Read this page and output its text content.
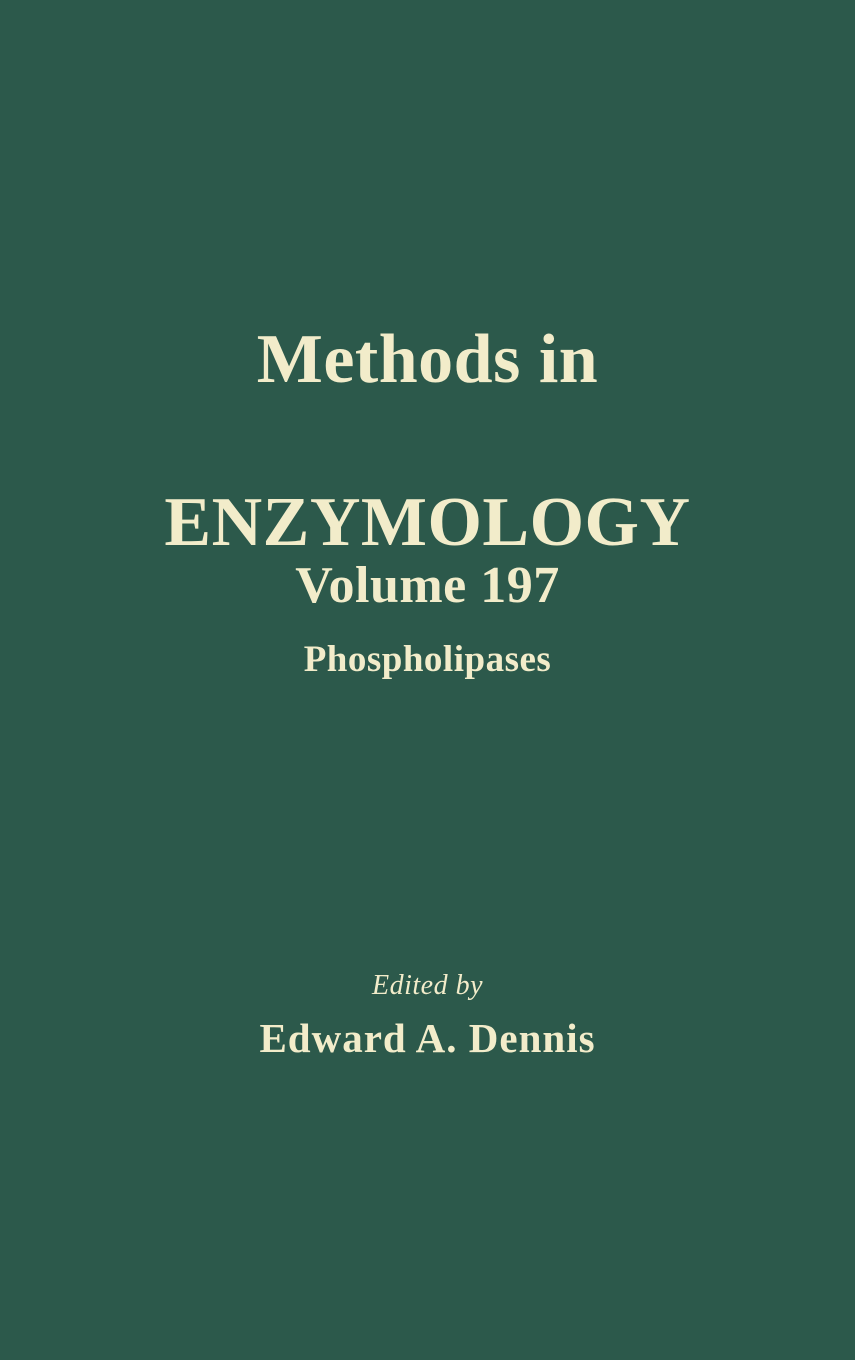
Methods in

ENZYMOLOGY

Volume 197
Phospholipases
Edited by
Edward A. Dennis
